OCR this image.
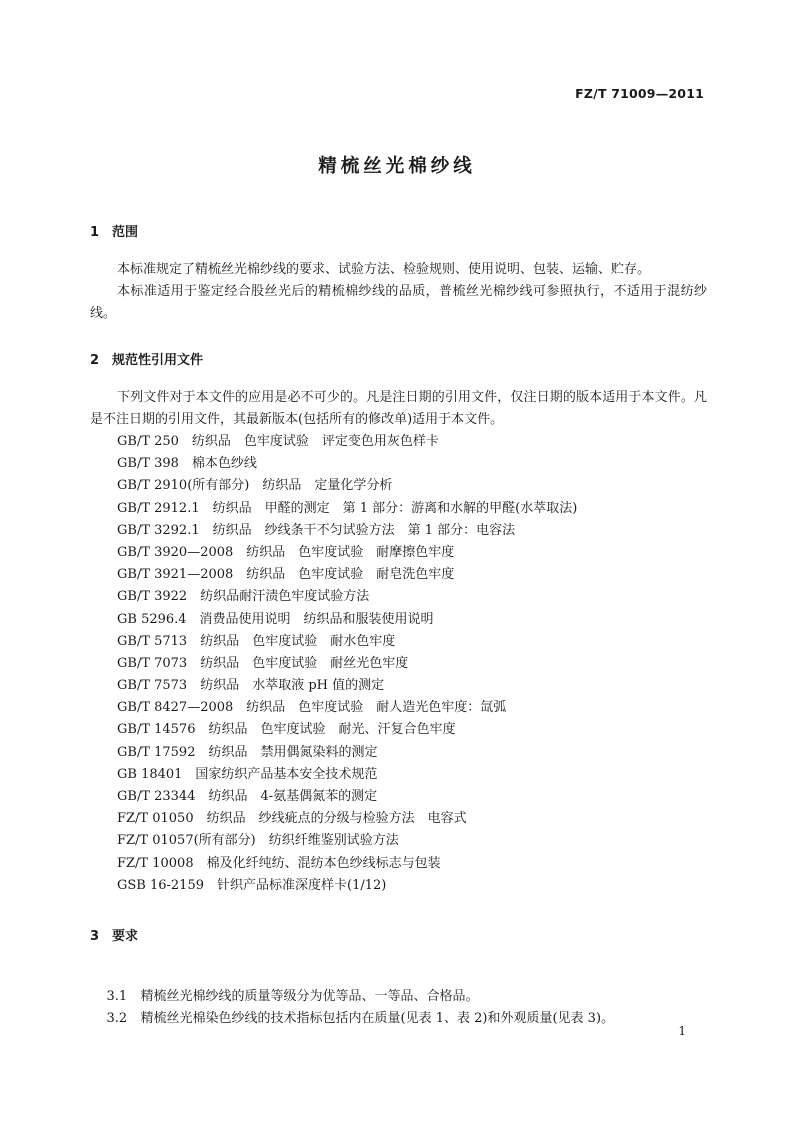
FZ/T 71009—2011
精梳丝光棉纱线
1 范围
本标准规定了精梳丝光棉纱线的要求、试验方法、检验规则、使用说明、包装、运输、贮存。
本标准适用于鉴定经合股丝光后的精梳棉纱线的品质，普梳丝光棉纱线可参照执行，不适用于混纺纱线。
2 规范性引用文件
下列文件对于本文件的应用是必不可少的。凡是注日期的引用文件，仅注日期的版本适用于本文件。凡是不注日期的引用文件，其最新版本(包括所有的修改单)适用于本文件。
GB/T 250　纺织品　色牢度试验　评定变色用灰色样卡
GB/T 398　棉本色纱线
GB/T 2910(所有部分)　纺织品　定量化学分析
GB/T 2912.1　纺织品　甲醛的测定　第 1 部分：游离和水解的甲醛(水萃取法)
GB/T 3292.1　纺织品　纱线条干不匀试验方法　第 1 部分：电容法
GB/T 3920—2008　纺织品　色牢度试验　耐摩擦色牢度
GB/T 3921—2008　纺织品　色牢度试验　耐皂洗色牢度
GB/T 3922　纺织品耐汗渍色牢度试验方法
GB 5296.4　消费品使用说明　纺织品和服装使用说明
GB/T 5713　纺织品　色牢度试验　耐水色牢度
GB/T 7073　纺织品　色牢度试验　耐丝光色牢度
GB/T 7573　纺织品　水萃取液 pH 值的测定
GB/T 8427—2008　纺织品　色牢度试验　耐人造光色牢度：氙弧
GB/T 14576　纺织品　色牢度试验　耐光、汗复合色牢度
GB/T 17592　纺织品　禁用偶氮染料的测定
GB 18401　国家纺织产品基本安全技术规范
GB/T 23344　纺织品　4-氨基偶氮苯的测定
FZ/T 01050　纺织品　纱线疵点的分级与检验方法　电容式
FZ/T 01057(所有部分)　纺织纤维鉴别试验方法
FZ/T 10008　棉及化纤纯纺、混纺本色纱线标志与包装
GSB 16-2159　针织产品标准深度样卡(1/12)
3 要求

3.1 精梳丝光棉纱线的质量等级分为优等品、一等品、合格品。

3.2 精梳丝光棉染色纱线的技术指标包括内在质量(见表 1、表 2)和外观质量(见表 3)。

1
